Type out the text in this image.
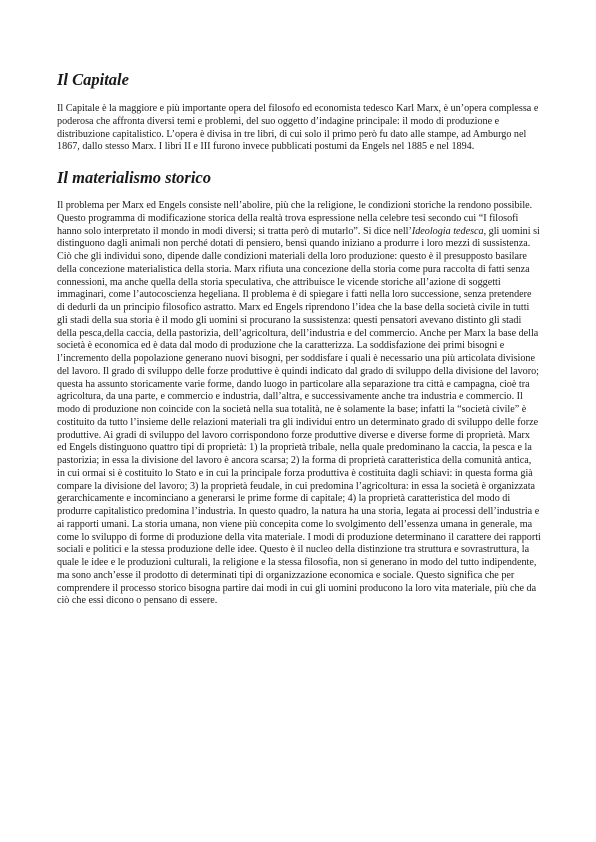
Il Capitale

Il Capitale è la maggiore e più importante opera del filosofo ed economista tedesco Karl Marx, è un’opera complessa e poderosa che affronta diversi temi e problemi, del suo oggetto d’indagine principale: il modo di produzione e distribuzione capitalistico. L’opera è divisa in tre libri, di cui solo il primo però fu dato alle stampe, ad Amburgo nel 1867, dallo stesso Marx. I libri II e III furono invece pubblicati postumi da Engels nel 1885 e nel 1894.

Il materialismo storico

Il problema per Marx ed Engels consiste nell’abolire, più che la religione, le condizioni storiche la rendono possibile. Questo programma di modificazione storica della realtà trova espressione nella celebre tesi secondo cui “I filosofi hanno solo interpretato il mondo in modi diversi; si tratta però di mutarlo”. Si dice nell’Ideologia tedesca, gli uomini si distinguono dagli animali non perché dotati di pensiero, bensì quando iniziano a produrre i loro mezzi di sussistenza. Ciò che gli individui sono, dipende dalle condizioni materiali della loro produzione: questo è il presupposto basilare della concezione materialistica della storia. Marx rifiuta una concezione della storia come pura raccolta di fatti senza connessioni, ma anche quella della storia speculativa, che attribuisce le vicende storiche all’azione di soggetti immaginari, come l’autocoscienza hegeliana. Il problema è di spiegare i fatti nella loro successione, senza pretendere di dedurli da un principio filosofico astratto. Marx ed Engels riprendono l’idea che la base della società civile in tutti gli stadi della sua storia è il modo gli uomini si procurano la sussistenza: questi pensatori avevano distinto gli stadi della pesca,della caccia, della pastorizia, dell’agricoltura, dell’industria e del commercio. Anche per Marx la base della società è economica ed è data dal modo di produzione che la caratterizza. La soddisfazione dei primi bisogni e l’incremento della popolazione generano nuovi bisogni, per soddisfare i quali è necessario una più articolata divisione del lavoro. Il grado di sviluppo delle forze produttive è quindi indicato dal grado di sviluppo della divisione del lavoro; questa ha assunto storicamente varie forme, dando luogo in particolare alla separazione tra città e campagna, cioè tra agricoltura, da una parte, e commercio e industria, dall’altra, e successivamente anche tra industria e commercio. Il modo di produzione non coincide con la società nella sua totalità, ne è solamente la base; infatti la “società civile” è costituito da tutto l’insieme delle relazioni materiali tra gli individui entro un determinato grado di sviluppo delle forze produttive. Ai gradi di sviluppo del lavoro corrispondono forze produttive diverse e diverse forme di proprietà. Marx ed Engels distinguono quattro tipi di proprietà: 1) la proprietà tribale, nella quale predominano la caccia, la pesca e la pastorizia; in essa la divisione del lavoro è ancora scarsa; 2) la forma di proprietà caratteristica della comunità antica, in cui ormai si è costituito lo Stato e in cui la principale forza produttiva è costituita dagli schiavi: in questa forma già compare la divisione del lavoro; 3) la proprietà feudale, in cui predomina l’agricoltura: in essa la società è organizzata gerarchicamente e incominciano a generarsi le prime forme di capitale; 4) la proprietà caratteristica del modo di produrre capitalistico predomina l’industria. In questo quadro, la natura ha una storia, legata ai processi dell’industria e ai rapporti umani. La storia umana, non viene più concepita come lo svolgimento dell’essenza umana in generale, ma come lo sviluppo di forme di produzione della vita materiale. I modi di produzione determinano il carattere dei rapporti sociali e politici e la stessa produzione delle idee. Questo è il nucleo della distinzione tra struttura e sovrastruttura, la quale le idee e le produzioni culturali, la religione e la stessa filosofia, non si generano in modo del tutto indipendente, ma sono anch’esse il prodotto di determinati tipi di organizzazione economica e sociale. Questo significa che per comprendere il processo storico bisogna partire dai modi in cui gli uomini producono la loro vita materiale, più che da ciò che essi dicono o pensano di essere.
